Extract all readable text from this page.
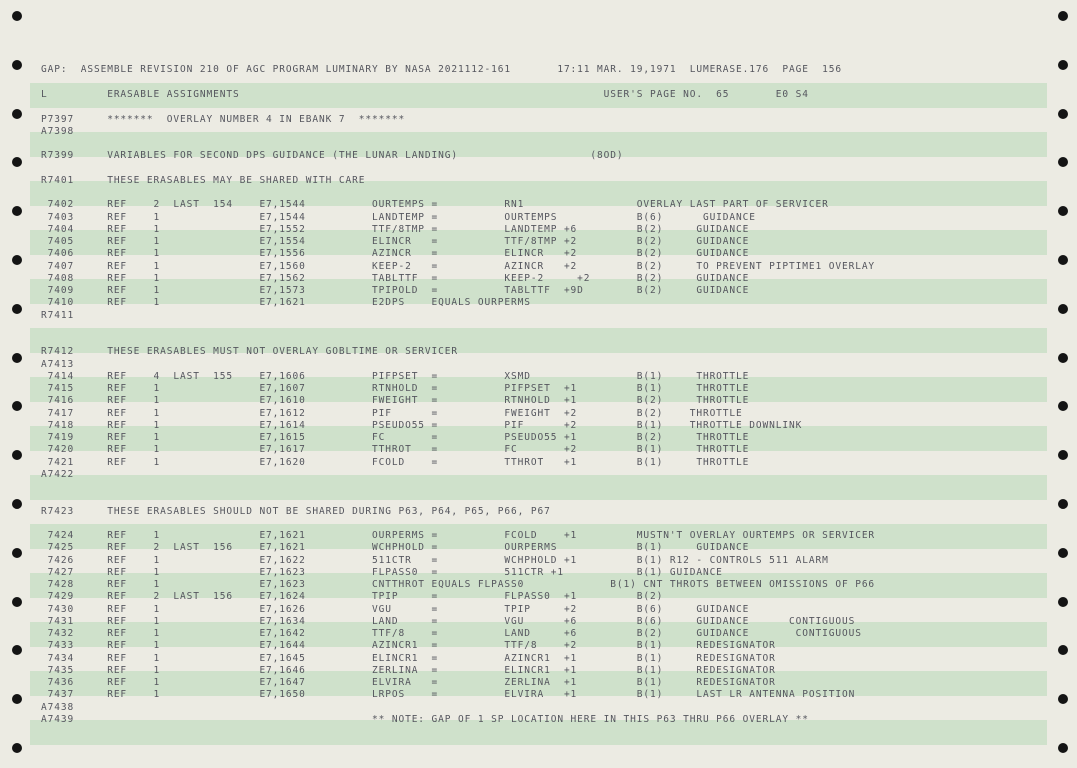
GAP:  ASSEMBLE REVISION 210 OF AGC PROGRAM LUMINARY BY NASA 2021112-161       17:11 MAR. 19,1971  LUMERASE.176  PAGE  156
L         ERASABLE ASSIGNMENTS                                                       USER'S PAGE NO.  65       E0 S4
P7397     *******  OVERLAY NUMBER 4 IN EBANK 7  *******
A7398
R7399     VARIABLES FOR SECOND DPS GUIDANCE (THE LUNAR LANDING)                    (8OD)
R7401     THESE ERASABLES MAY BE SHARED WITH CARE
7402     REF    2  LAST  154    E7,1544          OURTEMPS =          RN1                 OVERLAY LAST PART OF SERVICER
7403     REF    1               E7,1544          LANDTEMP =          OURTEMPS            B(6)      GUIDANCE
7404     REF    1               E7,1552          TTF/8TMP =          LANDTEMP +6         B(2)     GUIDANCE
7405     REF    1               E7,1554          ELINCR   =          TTF/8TMP +2         B(2)     GUIDANCE
7406     REF    1               E7,1556          AZINCR   =          ELINCR   +2         B(2)     GUIDANCE
7407     REF    1               E7,1560          KEEP-2   =          AZINCR   +2         B(2)     TO PREVENT PIPTIME1 OVERLAY
7408     REF    1               E7,1562          TABLTTF  =          KEEP-2     +2       B(2)     GUIDANCE
7409     REF    1               E7,1573          TPIPOLD  =          TABLTTF  +9D        B(2)     GUIDANCE
7410     REF    1               E7,1621          E2DPS    EQUALS OURPERMS
R7411
R7412     THESE ERASABLES MUST NOT OVERLAY GOBLTIME OR SERVICER
A7413
7414     REF    4  LAST  155    E7,1606          PIFPSET  =          XSMD                B(1)     THROTTLE
7415     REF    1               E7,1607          RTNHOLD  =          PIFPSET  +1         B(1)     THROTTLE
7416     REF    1               E7,1610          FWEIGHT  =          RTNHOLD  +1         B(2)     THROTTLE
7417     REF    1               E7,1612          PIF      =          FWEIGHT  +2         B(2)    THROTTLE
7418     REF    1               E7,1614          PSEUDO55 =          PIF      +2         B(1)    THROTTLE DOWNLINK
7419     REF    1               E7,1615          FC       =          PSEUDO55 +1         B(2)     THROTTLE
7420     REF    1               E7,1617          TTHROT   =          FC       +2         B(1)     THROTTLE
7421     REF    1               E7,1620          FCOLD    =          TTHROT   +1         B(1)     THROTTLE
A7422
R7423     THESE ERASABLES SHOULD NOT BE SHARED DURING P63, P64, P65, P66, P67
7424     REF    1               E7,1621          OURPERMS =          FCOLD    +1         MUSTN'T OVERLAY OURTEMPS OR SERVICER
7425     REF    2  LAST  156    E7,1621          WCHPHOLD =          OURPERMS            B(1)     GUIDANCE
7426     REF    1               E7,1622          511CTR   =          WCHPHOLD +1         B(1) R12 - CONTROLS 511 ALARM
7427     REF    1               E7,1623          FLPASS0  =          511CTR +1           B(1) GUIDANCE
7428     REF    1               E7,1623          CNTTHROT EQUALS FLPASS0             B(1) CNT THROTS BETWEEN OMISSIONS OF P66
7429     REF    2  LAST  156    E7,1624          TPIP     =          FLPASS0  +1         B(2)
7430     REF    1               E7,1626          VGU      =          TPIP     +2         B(6)     GUIDANCE
7431     REF    1               E7,1634          LAND     =          VGU      +6         B(6)     GUIDANCE      CONTIGUOUS
7432     REF    1               E7,1642          TTF/8    =          LAND     +6         B(2)     GUIDANCE       CONTIGUOUS
7433     REF    1               E7,1644          AZINCR1  =          TTF/8    +2         B(1)     REDESIGNATOR
7434     REF    1               E7,1645          ELINCR1  =          AZINCR1  +1         B(1)     REDESIGNATOR
7435     REF    1               E7,1646          ZERLINA  =          ELINCR1  +1         B(1)     REDESIGNATOR
7436     REF    1               E7,1647          ELVIRA   =          ZERLINA  +1         B(1)     REDESIGNATOR
7437     REF    1               E7,1650          LRPOS    =          ELVIRA   +1         B(1)     LAST LR ANTENNA POSITION
A7438
A7439                                             ** NOTE: GAP OF 1 SP LOCATION HERE IN THIS P63 THRU P66 OVERLAY **
